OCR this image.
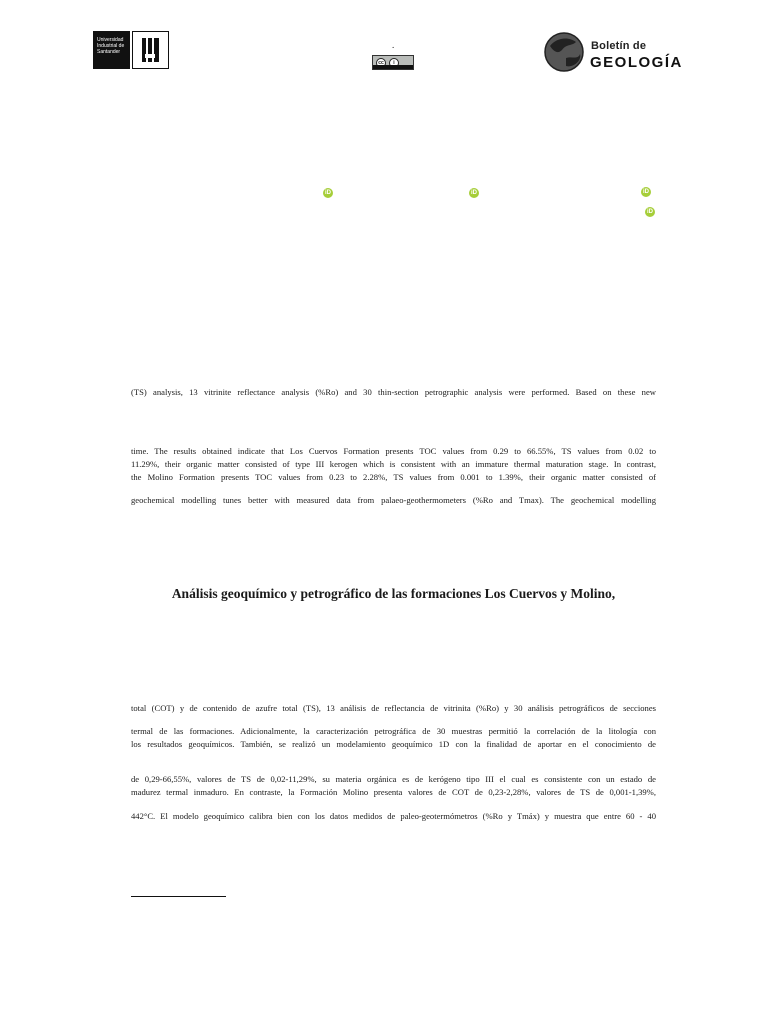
Universidad
Industrial de
Santander
.
cc	i
Boletín de
GEOLOGÍA
iD	iD	iD
iD
(TS) analysis, 13 vitrinite reflectance analysis (%Ro) and 30 thin-section petrographic analysis were performed. Based on these new
time. The results obtained indicate that Los Cuervos Formation presents TOC values from 0.29 to 66.55%, TS values from 0.02 to
11.29%, their organic matter consisted of type III kerogen which is consistent with an immature thermal maturation stage. In contrast,
the Molino Formation presents TOC values from 0.23 to 2.28%, TS values from 0.001 to 1.39%, their organic matter consisted of
geochemical modelling tunes better with measured data from palaeo-geothermometers (%Ro and Tmax). The geochemical modelling
Análisis geoquímico y petrográfico de las formaciones Los Cuervos y Molino,
total (COT) y de contenido de azufre total (TS), 13 análisis de reflectancia de vitrinita (%Ro) y 30 análisis petrográficos de secciones
termal de las formaciones. Adicionalmente, la caracterización petrográfica de 30 muestras permitió la correlación de la litología con
los resultados geoquímicos. También, se realizó un modelamiento geoquímico 1D con la finalidad de aportar en el conocimiento de
de 0,29-66,55%, valores de TS de 0,02-11,29%, su materia orgánica es de kerógeno tipo III el cual es consistente con un estado de
madurez termal inmaduro. En contraste, la Formación Molino presenta valores de COT de 0,23-2,28%, valores de TS de 0,001-1,39%,
442°C. El modelo geoquímico calibra bien con los datos medidos de paleo-geotermómetros (%Ro y Tmáx) y muestra que entre 60 - 40
